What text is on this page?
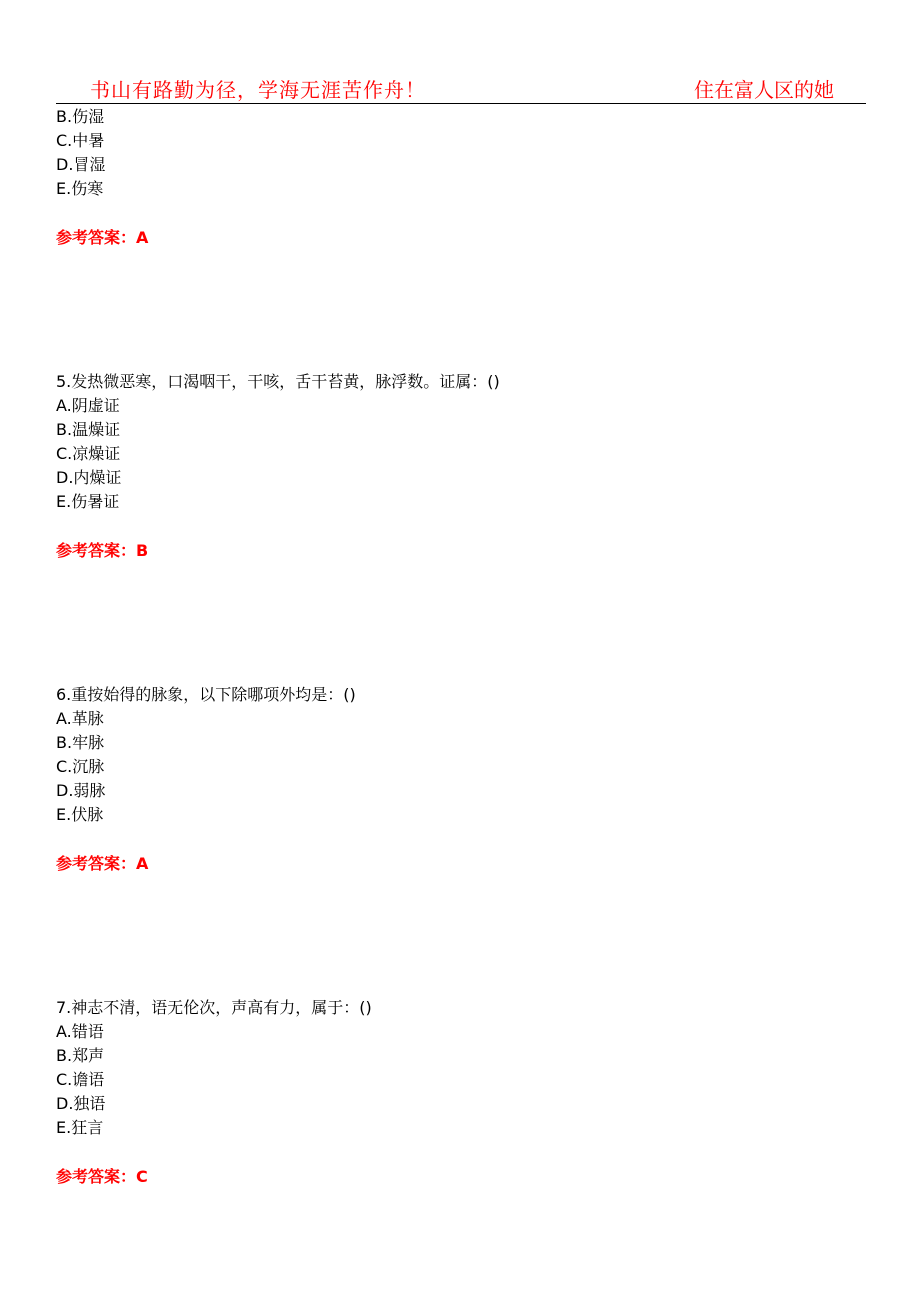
书山有路勤为径，学海无涯苦作舟！	住在富人区的她
B.伤湿
C.中暑
D.冒湿
E.伤寒
参考答案：A
5.发热微恶寒，口渴咽干，干咳，舌干苔黄，脉浮数。证属：()
A.阴虚证
B.温燥证
C.凉燥证
D.内燥证
E.伤暑证
参考答案：B
6.重按始得的脉象，以下除哪项外均是：()
A.革脉
B.牢脉
C.沉脉
D.弱脉
E.伏脉
参考答案：A
7.神志不清，语无伦次，声高有力，属于：()
A.错语
B.郑声
C.谵语
D.独语
E.狂言
参考答案：C
